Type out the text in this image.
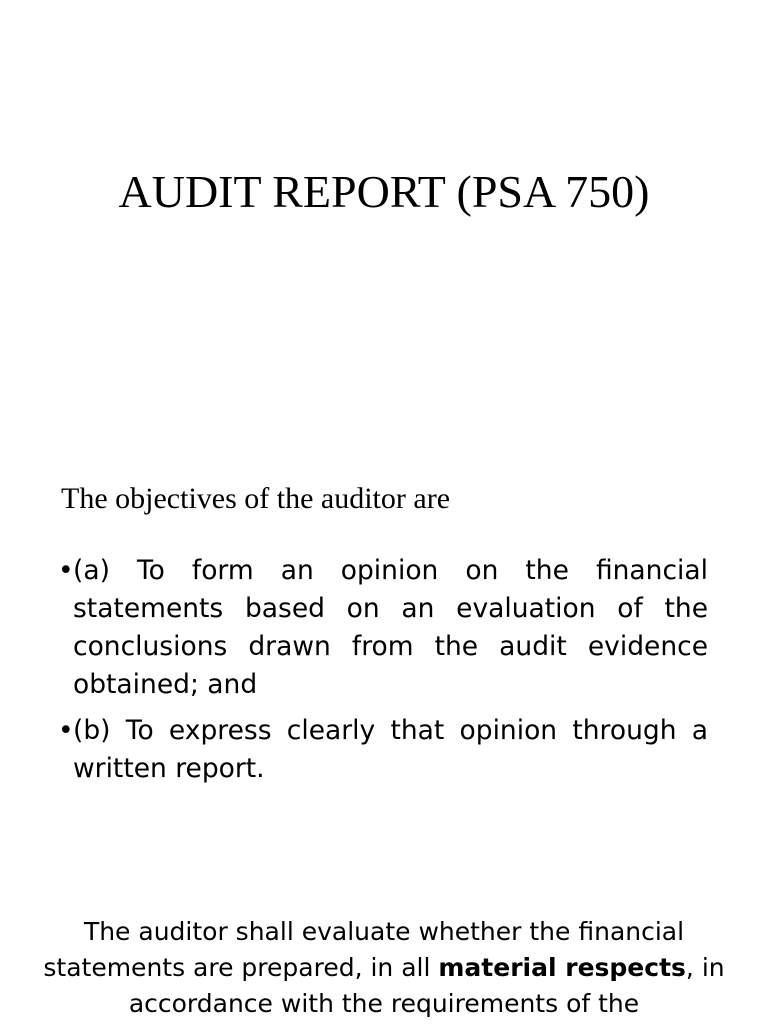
AUDIT REPORT (PSA 750)

The objectives of the auditor are

• (a) To form an opinion on the financial statements based on an evaluation of the conclusions drawn from the audit evidence obtained; and
• (b) To express clearly that opinion through a written report.

The auditor shall evaluate whether the financial statements are prepared, in all material respects, in accordance with the requirements of the
